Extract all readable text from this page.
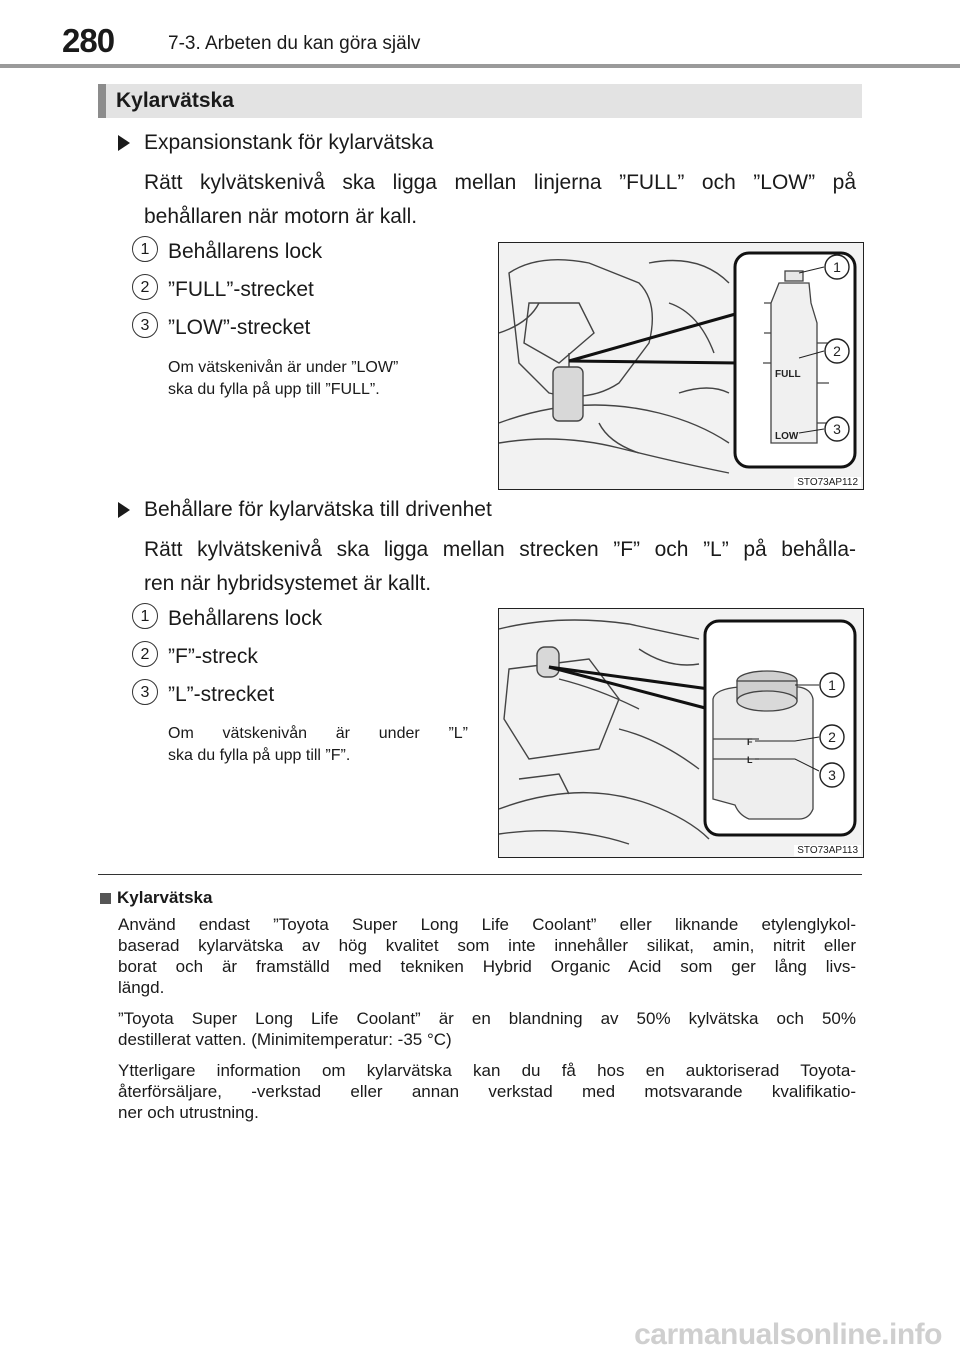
280	7-3. Arbeten du kan göra själv
Kylarvätska
Expansionstank för kylarvätska
Rätt kylvätskenivå ska ligga mellan linjerna ”FULL” och ”LOW” på
behållaren när motorn är kall.
1 Behållarens lock
2 ”FULL”-strecket
3 ”LOW”-strecket
Om vätskenivån är under ”LOW”
ska du fylla på upp till ”FULL”.
FULL
LOW
1
2
3
STO73AP112
Behållare för kylarvätska till drivenhet
Rätt kylvätskenivå ska ligga mellan strecken ”F” och ”L” på behålla-
ren när hybridsystemet är kallt.
1 Behållarens lock
2 ”F”-streck
3 ”L”-strecket
Om vätskenivån är under ”L”
ska du fylla på upp till ”F”.
F
L
1
2
3
STO73AP113
Kylarvätska
Använd endast ”Toyota Super Long Life Coolant” eller liknande etylenglykol-
baserad kylarvätska av hög kvalitet som inte innehåller silikat, amin, nitrit eller
borat och är framställd med tekniken Hybrid Organic Acid som ger lång livs-
längd.
”Toyota Super Long Life Coolant” är en blandning av 50% kylvätska och 50%
destillerat vatten. (Minimitemperatur: -35 °C)
Ytterligare information om kylarvätska kan du få hos en auktoriserad Toyota-
återförsäljare, -verkstad eller annan verkstad med motsvarande kvalifikatio-
ner och utrustning.
carmanualsonline.info
